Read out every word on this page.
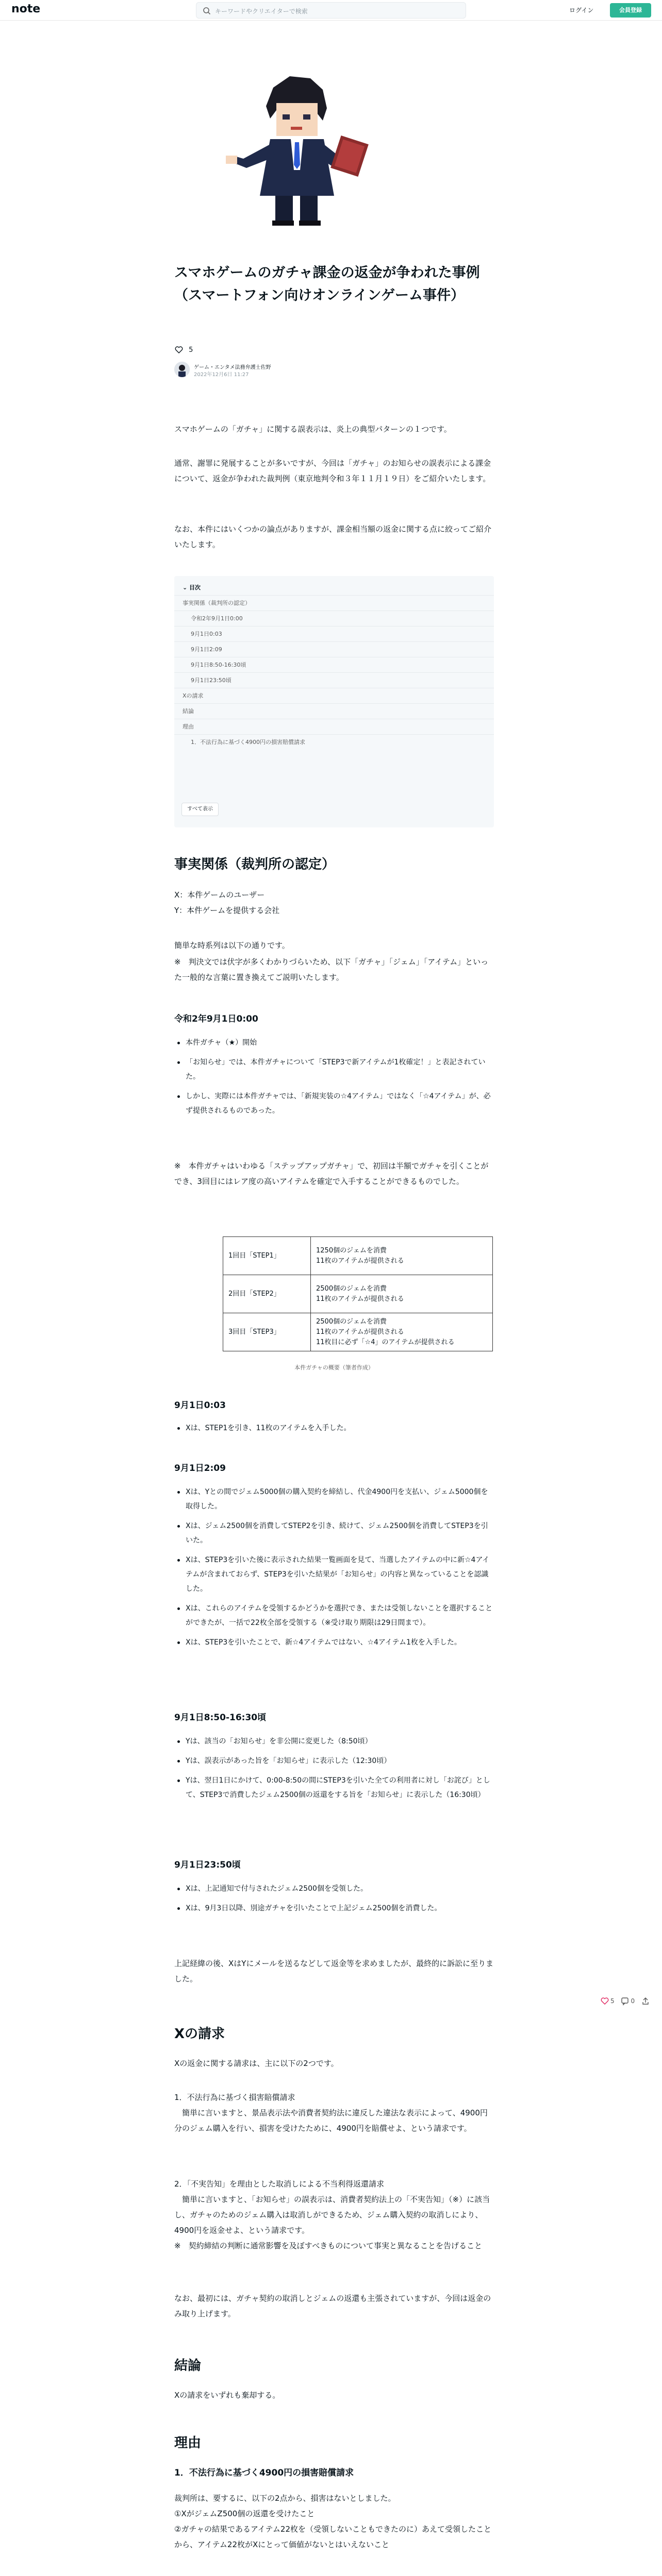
note	キーワードやクリエイターで検索	ログイン	会員登録
スマホゲームのガチャ課金の返金が争われた事例（スマートフォン向けオンラインゲーム事件）
5
ゲーム・エンタメ法務弁護士佐野
2022年12月6日 11:27

スマホゲームの「ガチャ」に関する誤表示は、炎上の典型パターンの１つです。

通常、謝罪に発展することが多いですが、今回は「ガチャ」のお知らせの誤表示による課金について、返金が争われた裁判例（東京地判令和３年１１月１９日）をご紹介いたします。

なお、本件にはいくつかの論点がありますが、課金相当額の返金に関する点に絞ってご紹介いたします。

⌄ 目次
事実関係（裁判所の認定）
令和2年9月1日0:00
9月1日0:03
9月1日2:09
9月1日8:50-16:30頃
9月1日23:50頃
Xの請求
結論
理由
1．不法行為に基づく4900円の損害賠償請求
すべて表示
事実関係（裁判所の認定）

X：本件ゲームのユーザー

Y：本件ゲームを提供する会社

簡単な時系列は以下の通りです。

※　判決文では伏字が多くわかりづらいため、以下「ガチャ」「ジェム」「アイテム」といった一般的な言葉に置き換えてご説明いたします。

令和2年9月1日0:00
本件ガチャ（★）開始
「お知らせ」では、本件ガチャについて「STEP3で新アイテムが1枚確定！」と表記されていた。
しかし、実際には本件ガチャでは、「新規実装の☆4アイテム」ではなく「☆4アイテム」が、必ず提供されるものであった。

※　本件ガチャはいわゆる「ステップアップガチャ」で、初回は半額でガチャを引くことができ、3回目にはレア度の高いアイテムを確定で入手することができるものでした。

1回目「STEP1」	1250個のジェムを消費
11枚のアイテムが提供される
2回目「STEP2」	2500個のジェムを消費
11枚のアイテムが提供される
3回目「STEP3」	2500個のジェムを消費
11枚のアイテムが提供される
11枚目に必ず「☆4」のアイテムが提供される
本件ガチャの概要（筆者作成）
9月1日0:03
Xは、STEP1を引き、11枚のアイテムを入手した。
9月1日2:09
Xは、Yとの間でジェム5000個の購入契約を締結し、代金4900円を支払い、ジェム5000個を取得した。
Xは、ジェム2500個を消費してSTEP2を引き、続けて、ジェム2500個を消費してSTEP3を引いた。
Xは、STEP3を引いた後に表示された結果一覧画面を見て、当選したアイテムの中に新☆4アイテムが含まれておらず、STEP3を引いた結果が「お知らせ」の内容と異なっていることを認識した。
Xは、これらのアイテムを受領するかどうかを選択でき、または受領しないことを選択することができたが、一括で22枚全部を受領する（※受け取り期限は29日間まで）。
Xは、STEP3を引いたことで、新☆4アイテムではない、☆4アイテム1枚を入手した。
9月1日8:50-16:30頃
Yは、該当の「お知らせ」を非公開に変更した（8:50頃）
Yは、誤表示があった旨を「お知らせ」に表示した（12:30頃）
Yは、翌日1日にかけて、0:00-8:50の間にSTEP3を引いた全ての利用者に対し「お詫び」として、STEP3で消費したジェム2500個の返還をする旨を「お知らせ」に表示した（16:30頃）
9月1日23:50頃
Xは、上記通知で付与されたジェム2500個を受領した。
Xは、9月3日以降、別途ガチャを引いたことで上記ジェム2500個を消費した。

上記経緯の後、XはYにメールを送るなどして返金等を求めましたが、最終的に訴訟に至りました。

Xの請求

Xの返金に関する請求は、主に以下の2つです。

1．不法行為に基づく損害賠償請求
　簡単に言いますと、景品表示法や消費者契約法に違反した違法な表示によって、4900円分のジェム購入を行い、損害を受けたために、4900円を賠償せよ、という請求です。

2．「不実告知」を理由とした取消しによる不当利得返還請求
　簡単に言いますと、「お知らせ」の誤表示は、消費者契約法上の「不実告知」（※）に該当し、ガチャのためのジェム購入は取消しができるため、ジェム購入契約の取消しにより、4900円を返金せよ、という請求です。
※　契約締結の判断に通常影響を及ぼすべきものについて事実と異なることを告げること

なお、最初には、ガチャ契約の取消しとジェムの返還も主張されていますが、今回は返金のみ取り上げます。

結論

Xの請求をいずれも棄却する。

理由
1．不法行為に基づく4900円の損害賠償請求

裁判所は、要するに、以下の2点から、損害はないとしました。

①XがジェムZ500個の返還を受けたこと

②ガチャの結果であるアイテム22枚を（受領しないこともできたのに）あえて受領したことから、アイテム22枚がXにとって価値がないとはいえないこと

5	0
